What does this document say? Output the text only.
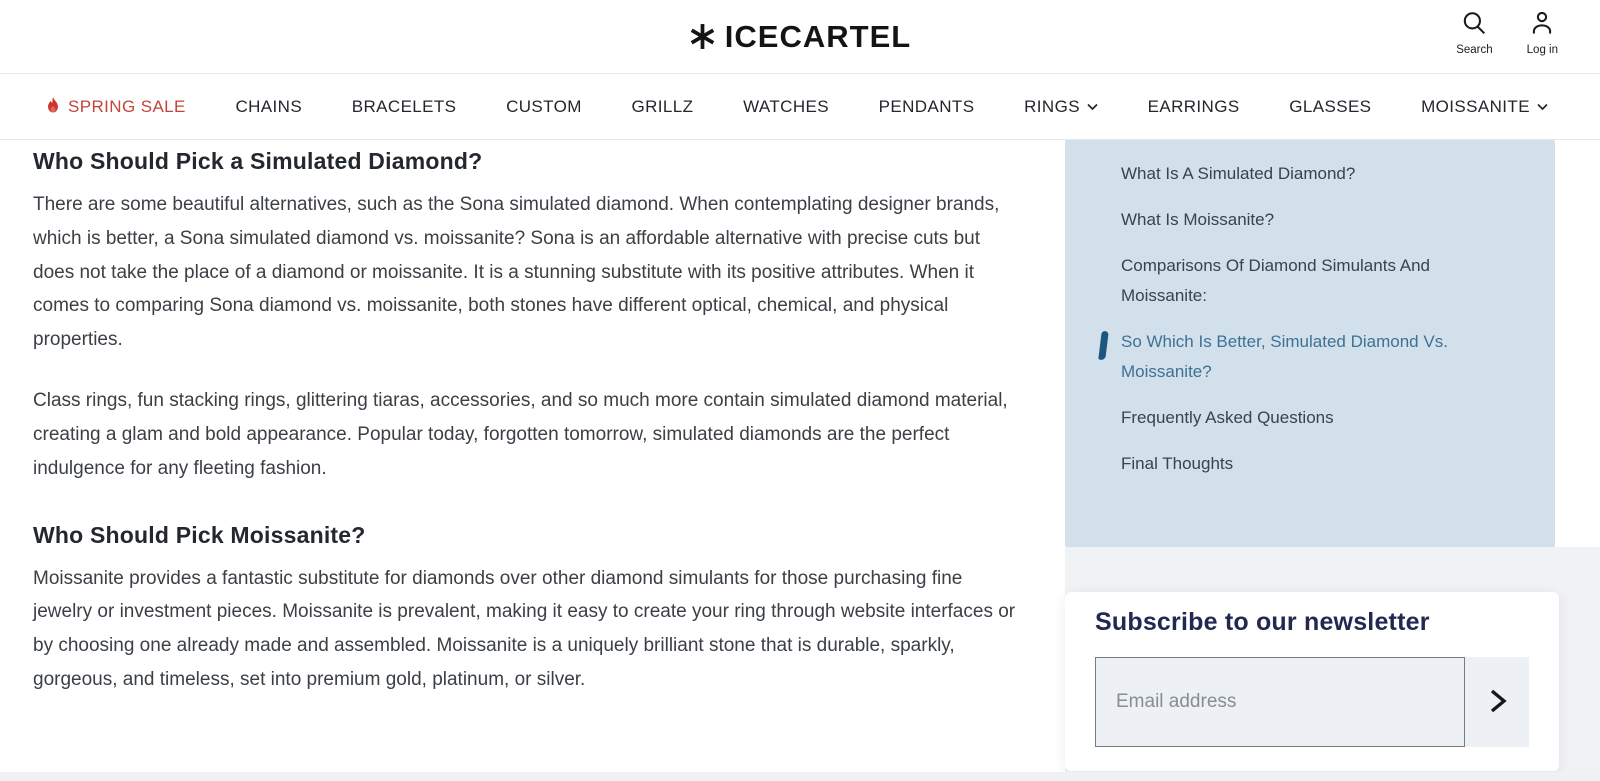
ICECARTEL	Search	Log in
SPRING SALE	CHAINS	BRACELETS	CUSTOM	GRILLZ	WATCHES	PENDANTS	RINGS	EARRINGS	GLASSES	MOISSANITE
Who Should Pick a Simulated Diamond?

There are some beautiful alternatives, such as the Sona simulated diamond. When contemplating designer brands, which is better, a Sona simulated diamond vs. moissanite? Sona is an affordable alternative with precise cuts but does not take the place of a diamond or moissanite. It is a stunning substitute with its positive attributes. When it comes to comparing Sona diamond vs. moissanite, both stones have different optical, chemical, and physical properties.

Class rings, fun stacking rings, glittering tiaras, accessories, and so much more contain simulated diamond material, creating a glam and bold appearance. Popular today, forgotten tomorrow, simulated diamonds are the perfect indulgence for any fleeting fashion.

Who Should Pick Moissanite?

Moissanite provides a fantastic substitute for diamonds over other diamond simulants for those purchasing fine jewelry or investment pieces. Moissanite is prevalent, making it easy to create your ring through website interfaces or by choosing one already made and assembled. Moissanite is a uniquely brilliant stone that is durable, sparkly, gorgeous, and timeless, set into premium gold, platinum, or silver.

What Is A Simulated Diamond?
What Is Moissanite?
Comparisons Of Diamond Simulants And Moissanite:
So Which Is Better, Simulated Diamond Vs. Moissanite?
Frequently Asked Questions
Final Thoughts
Subscribe to our newsletter
Email address
